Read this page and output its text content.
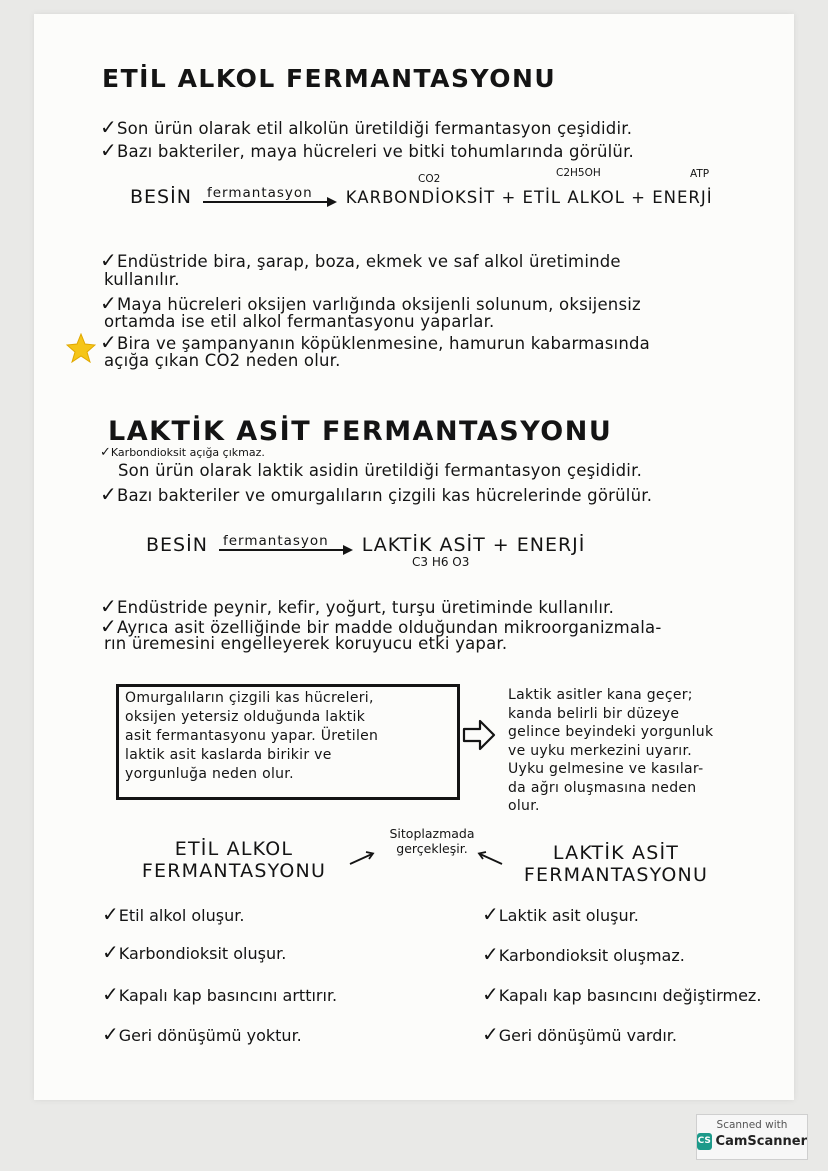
ETİL ALKOL FERMANTASYONU
✓Son ürün olarak etil alkolün üretildiği fermantasyon çeşididir.
✓Bazı bakteriler, maya hücreleri ve bitki tohumlarında görülür.
CO2	C2H5OH	ATP
BESİN fermantasyon KARBONDİOKSİT + ETİL ALKOL + ENERJİ
✓Endüstride bira, şarap, boza, ekmek ve saf alkol üretiminde
kullanılır.
✓Maya hücreleri oksijen varlığında oksijenli solunum, oksijensiz
ortamda ise etil alkol fermantasyonu yaparlar.
✓Bira ve şampanyanın köpüklenmesine, hamurun kabarmasında
açığa çıkan CO2 neden olur.
LAKTİK ASİT FERMANTASYONU
✓Karbondioksit açığa çıkmaz.
Son ürün olarak laktik asidin üretildiği fermantasyon çeşididir.
✓Bazı bakteriler ve omurgalıların çizgili kas hücrelerinde görülür.
BESİN fermantasyon LAKTİK ASİT + ENERJİ
C3 H6 O3
✓Endüstride peynir, kefir, yoğurt, turşu üretiminde kullanılır.
✓Ayrıca asit özelliğinde bir madde olduğundan mikroorganizmala-
rın üremesini engelleyerek koruyucu etki yapar.
Omurgalıların çizgili kas hücreleri,
oksijen yetersiz olduğunda laktik
asit fermantasyonu yapar. Üretilen
laktik asit kaslarda birikir ve
yorgunluğa neden olur.
Laktik asitler kana geçer;
kanda belirli bir düzeye
gelince beyindeki yorgunluk
ve uyku merkezini uyarır.
Uyku gelmesine ve kasılar-
da ağrı oluşmasına neden
olur.
ETİL ALKOL
FERMANTASYONU
Sitoplazmada
gerçekleşir.	LAKTİK ASİT
FERMANTASYONU
✓Etil alkol oluşur.
✓Karbondioksit oluşur.
✓Kapalı kap basıncını arttırır.
✓Geri dönüşümü yoktur.
✓Laktik asit oluşur.
✓Karbondioksit oluşmaz.
✓Kapalı kap basıncını değiştirmez.
✓Geri dönüşümü vardır.
Scanned with
CS CamScanner
